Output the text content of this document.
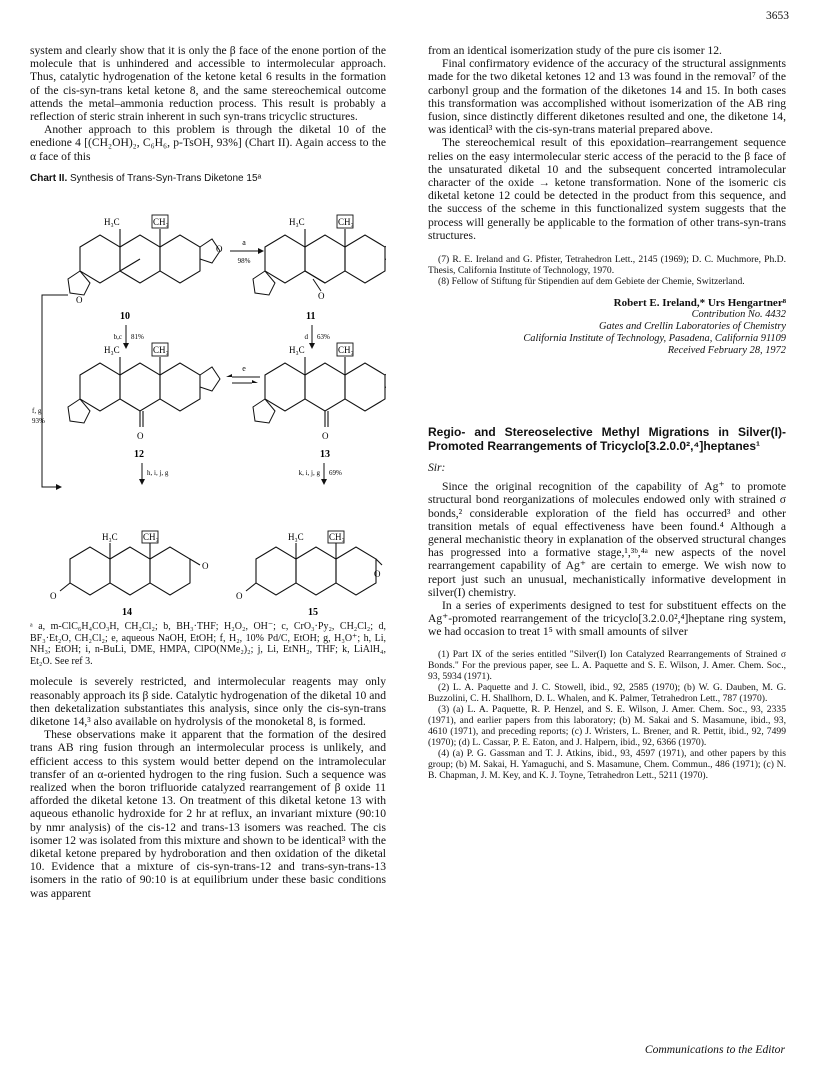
3653

system and clearly show that it is only the β face of the enone portion of the molecule that is unhindered and accessible to intermolecular approach. Thus, catalytic hydrogenation of the ketone ketal 6 results in the formation of the cis-syn-trans ketal ketone 8, and the same stereochemical outcome attends the metal–ammonia reduction process. This result is probably a reflection of steric strain inherent in such syn-trans tricyclic structures.

Another approach to this problem is through the diketal 10 of the enedione 4 [(CH₂OH)₂, C₆H₆, p-TsOH, 93%] (Chart II). Again access to the α face of this

Chart II. Synthesis of Trans-Syn-Trans Diketone 15ᵃ
H₃C	CH₃
O
O
10
a
98%
H₃C	CH₃
O
11
b,c 81%	d 63%
f, g
93%
H₃C	CH₃
O
12
e
H₃C	CH₃
O
13
h, i, j, g	k, i, j, g 69%
H₃C	CH₃
O
O
14
H₃C	CH₃
O
O
15

ᵃ a, m-ClC₆H₄CO₃H, CH₂Cl₂; b, BH₃·THF; H₂O₂, OH⁻; c, CrO₃·Py₂, CH₂Cl₂; d, BF₃·Et₂O, CH₂Cl₂; e, aqueous NaOH, EtOH; f, H₂, 10% Pd/C, EtOH; g, H₃O⁺; h, Li, NH₃; EtOH; i, n-BuLi, DME, HMPA, ClPO(NMe₂)₂; j, Li, EtNH₂, THF; k, LiAlH₄, Et₂O. See ref 3.

molecule is severely restricted, and intermolecular reagents may only reasonably approach its β side. Catalytic hydrogenation of the diketal 10 and then deketalization substantiates this analysis, since only the cis-syn-trans diketone 14,³ also available on hydrolysis of the monoketal 8, is formed.

These observations make it apparent that the formation of the desired trans AB ring fusion through an intermolecular process is unlikely, and efficient access to this system would better depend on the intramolecular transfer of an α-oriented hydrogen to the ring fusion. Such a sequence was realized when the boron trifluoride catalyzed rearrangement of β oxide 11 afforded the diketal ketone 13. On treatment of this diketal ketone 13 with aqueous ethanolic hydroxide for 2 hr at reflux, an invariant mixture (90:10 by nmr analysis) of the cis-12 and trans-13 isomers was reached. The cis isomer 12 was isolated from this mixture and shown to be identical³ with the diketal ketone prepared by hydroboration and then oxidation of the diketal 10. Evidence that a mixture of cis-syn-trans-12 and trans-syn-trans-13 isomers in the ratio of 90:10 is at equilibrium under these basic conditions was apparent

from an identical isomerization study of the pure cis isomer 12.

Final confirmatory evidence of the accuracy of the structural assignments made for the two diketal ketones 12 and 13 was found in the removal⁷ of the carbonyl group and the formation of the diketones 14 and 15. In both cases this transformation was accomplished without isomerization of the AB ring fusion, since distinctly different diketones resulted and one, the diketone 14, was identical³ with the cis-syn-trans material prepared above.

The stereochemical result of this epoxidation–rearrangement sequence relies on the easy intermolecular steric access of the peracid to the β face of the unsaturated diketal 10 and the subsequent concerted intramolecular character of the oxide → ketone transformation. None of the isomeric cis diketal ketone 12 could be detected in the product from this sequence, and the success of the scheme in this functionalized system suggests that the process will generally be applicable to the formation of other trans-syn-trans structures.

(7) R. E. Ireland and G. Pfister, Tetrahedron Lett., 2145 (1969); D. C. Muchmore, Ph.D. Thesis, California Institute of Technology, 1970.

(8) Fellow of Stiftung für Stipendien auf dem Gebiete der Chemie, Switzerland.

Robert E. Ireland,* Urs Hengartner⁸
Contribution No. 4432
Gates and Crellin Laboratories of Chemistry
California Institute of Technology, Pasadena, California 91109
Received February 28, 1972
Regio- and Stereoselective Methyl Migrations in Silver(I)-Promoted Rearrangements of Tricyclo[3.2.0.0²,⁴]heptanes¹

Sir:

Since the original recognition of the capability of Ag⁺ to promote structural bond reorganizations of molecules endowed only with strained σ bonds,² considerable exploration of the field has occurred³ and other transition metals of equal effectiveness have been found.⁴ Although a general mechanistic theory in explanation of the observed structural changes has progressed into a formative stage,¹,³ᵇ,⁴ᵃ new aspects of the novel rearrangement capability of Ag⁺ are certain to emerge. We wish now to report just such an unusual, mechanistically informative development in silver(I) chemistry.

In a series of experiments designed to test for substituent effects on the Ag⁺-promoted rearrangement of the tricyclo[3.2.0.0²,⁴]heptane ring system, we had occasion to treat 1⁵ with small amounts of silver

(1) Part IX of the series entitled "Silver(I) Ion Catalyzed Rearrangements of Strained σ Bonds." For the previous paper, see L. A. Paquette and S. E. Wilson, J. Amer. Chem. Soc., 93, 5934 (1971).

(2) L. A. Paquette and J. C. Stowell, ibid., 92, 2585 (1970); (b) W. G. Dauben, M. G. Buzzolini, C. H. Shallhorn, D. L. Whalen, and K. Palmer, Tetrahedron Lett., 787 (1970).

(3) (a) L. A. Paquette, R. P. Henzel, and S. E. Wilson, J. Amer. Chem. Soc., 93, 2335 (1971), and earlier papers from this laboratory; (b) M. Sakai and S. Masamune, ibid., 93, 4610 (1971), and preceding reports; (c) J. Wristers, L. Brener, and R. Pettit, ibid., 92, 7499 (1970); (d) L. Cassar, P. E. Eaton, and J. Halpern, ibid., 92, 6366 (1970).

(4) (a) P. G. Gassman and T. J. Atkins, ibid., 93, 4597 (1971), and other papers by this group; (b) M. Sakai, H. Yamaguchi, and S. Masamune, Chem. Commun., 486 (1971); (c) N. B. Chapman, J. M. Key, and K. J. Toyne, Tetrahedron Lett., 5211 (1970).

Communications to the Editor
